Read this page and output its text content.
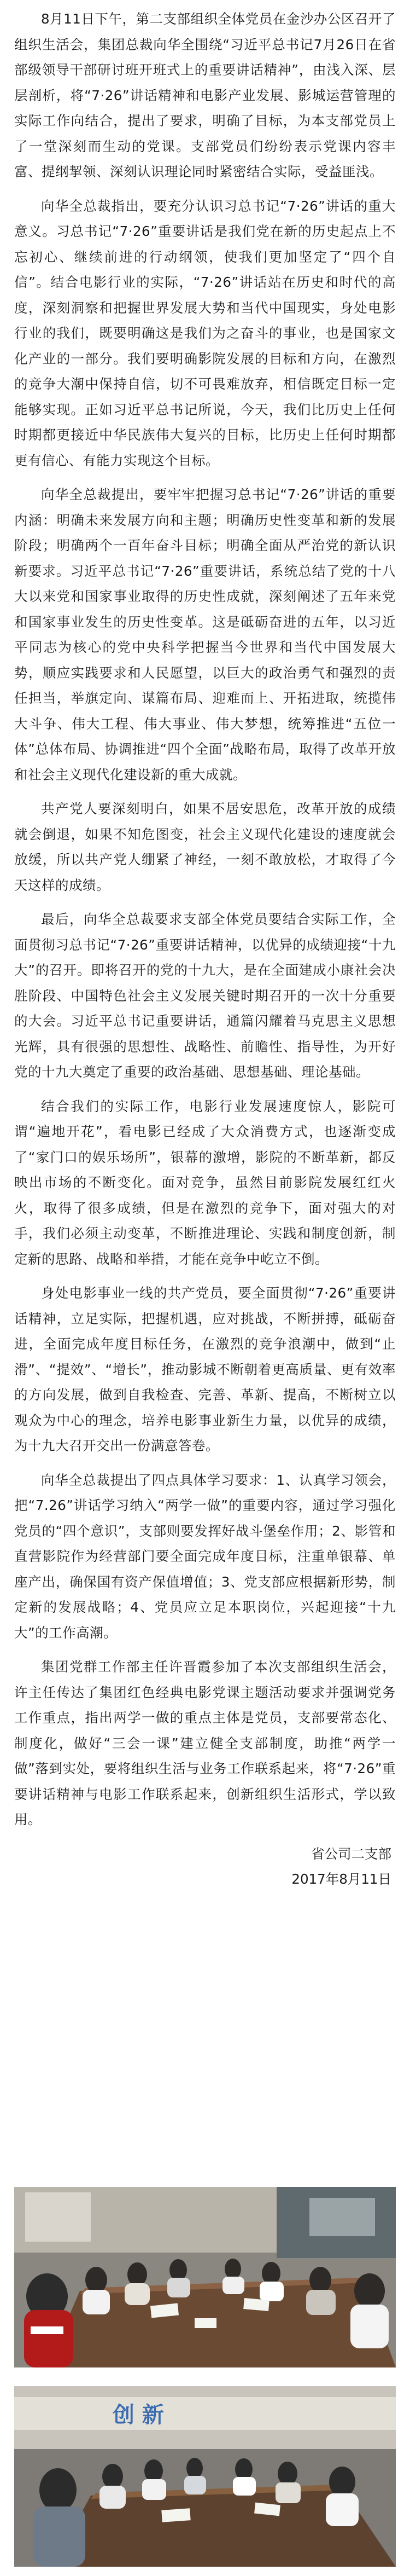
8月11日下午，第二支部组织全体党员在金沙办公区召开了组织生活会，集团总裁向华全围绕“习近平总书记7月26日在省部级领导干部研讨班开班式上的重要讲话精神”，由浅入深、层层剖析，将“7·26”讲话精神和电影产业发展、影城运营管理的实际工作向结合，提出了要求，明确了目标，为本支部党员上了一堂深刻而生动的党课。支部党员们纷纷表示党课内容丰富、提纲挈领、深刻认识理论同时紧密结合实际，受益匪浅。

向华全总裁指出，要充分认识习总书记“7·26”讲话的重大意义。习总书记“7·26”重要讲话是我们党在新的历史起点上不忘初心、继续前进的行动纲领，使我们更加坚定了“四个自信”。结合电影行业的实际，“7·26”讲话站在历史和时代的高度，深刻洞察和把握世界发展大势和当代中国现实，身处电影行业的我们，既要明确这是我们为之奋斗的事业，也是国家文化产业的一部分。我们要明确影院发展的目标和方向，在激烈的竞争大潮中保持自信，切不可畏难放弃，相信既定目标一定能够实现。正如习近平总书记所说，今天，我们比历史上任何时期都更接近中华民族伟大复兴的目标，比历史上任何时期都更有信心、有能力实现这个目标。

向华全总裁提出，要牢牢把握习总书记“7·26”讲话的重要内涵：明确未来发展方向和主题；明确历史性变革和新的发展阶段；明确两个一百年奋斗目标；明确全面从严治党的新认识新要求。习近平总书记“7·26”重要讲话，系统总结了党的十八大以来党和国家事业取得的历史性成就，深刻阐述了五年来党和国家事业发生的历史性变革。这是砥砺奋进的五年，以习近平同志为核心的党中央科学把握当今世界和当代中国发展大势，顺应实践要求和人民愿望，以巨大的政治勇气和强烈的责任担当，举旗定向、谋篇布局、迎难而上、开拓进取，统揽伟大斗争、伟大工程、伟大事业、伟大梦想，统筹推进“五位一体”总体布局、协调推进“四个全面”战略布局，取得了改革开放和社会主义现代化建设新的重大成就。

共产党人要深刻明白，如果不居安思危，改革开放的成绩就会倒退，如果不知危图变，社会主义现代化建设的速度就会放缓，所以共产党人绷紧了神经，一刻不敢放松，才取得了今天这样的成绩。

最后，向华全总裁要求支部全体党员要结合实际工作，全面贯彻习总书记“7·26”重要讲话精神，以优异的成绩迎接“十九大”的召开。即将召开的党的十九大，是在全面建成小康社会决胜阶段、中国特色社会主义发展关键时期召开的一次十分重要的大会。习近平总书记重要讲话，通篇闪耀着马克思主义思想光辉，具有很强的思想性、战略性、前瞻性、指导性，为开好党的十九大奠定了重要的政治基础、思想基础、理论基础。

结合我们的实际工作，电影行业发展速度惊人，影院可谓“遍地开花”，看电影已经成了大众消费方式，也逐渐变成了“家门口的娱乐场所”，银幕的激增，影院的不断革新，都反映出市场的不断变化。面对竞争，虽然目前影院发展红红火火，取得了很多成绩，但是在激烈的竞争下，面对强大的对手，我们必须主动变革，不断推进理论、实践和制度创新，制定新的思路、战略和举措，才能在竞争中屹立不倒。

身处电影事业一线的共产党员，要全面贯彻“7·26”重要讲话精神，立足实际，把握机遇，应对挑战，不断拼搏，砥砺奋进，全面完成年度目标任务，在激烈的竞争浪潮中，做到“止滑”、“提效”、“增长”，推动影城不断朝着更高质量、更有效率的方向发展，做到自我检查、完善、革新、提高，不断树立以观众为中心的理念，培养电影事业新生力量，以优异的成绩，为十九大召开交出一份满意答卷。

向华全总裁提出了四点具体学习要求：1、认真学习领会，把“7.26”讲话学习纳入“两学一做”的重要内容，通过学习强化党员的“四个意识”，支部则要发挥好战斗堡垒作用；2、影管和直营影院作为经营部门要全面完成年度目标，注重单银幕、单座产出，确保国有资产保值增值；3、党支部应根据新形势，制定新的发展战略；4、党员应立足本职岗位，兴起迎接“十九大”的工作高潮。

集团党群工作部主任许晋霞参加了本次支部组织生活会，许主任传达了集团红色经典电影党课主题活动要求并强调党务工作重点，指出两学一做的重点主体是党员，支部要常态化、制度化，做好“三会一课”建立健全支部制度，助推“两学一做”落到实处，要将组织生活与业务工作联系起来，将“7·26”重要讲话精神与电影工作联系起来，创新组织生活形式，学以致用。

省公司二支部
2017年8月11日
创 新
